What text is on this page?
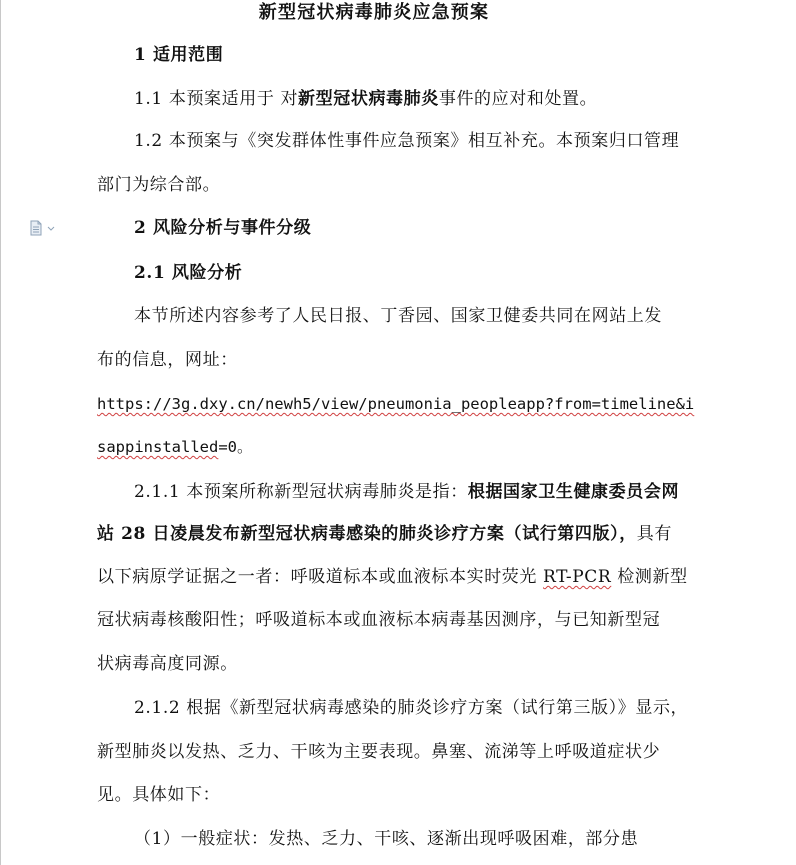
新型冠状病毒肺炎应急预案
1 适用范围
1.1 本预案适用于 对新型冠状病毒肺炎事件的应对和处置。
1.2 本预案与《突发群体性事件应急预案》相互补充。本预案归口管理
部门为综合部。
2 风险分析与事件分级
2.1 风险分析
本节所述内容参考了人民日报、丁香园、国家卫健委共同在网站上发
布的信息，网址：
https://3g.dxy.cn/newh5/view/pneumonia_peopleapp?from=timeline&i
sappinstalled=0。
2.1.1 本预案所称新型冠状病毒肺炎是指：根据国家卫生健康委员会网
站 28 日凌晨发布新型冠状病毒感染的肺炎诊疗方案（试行第四版），具有
以下病原学证据之一者：呼吸道标本或血液标本实时荧光 RT-PCR 检测新型
冠状病毒核酸阳性；呼吸道标本或血液标本病毒基因测序，与已知新型冠
状病毒高度同源。
2.1.2 根据《新型冠状病毒感染的肺炎诊疗方案（试行第三版）》显示，
新型肺炎以发热、乏力、干咳为主要表现。鼻塞、流涕等上呼吸道症状少
见。具体如下：
（1）一般症状：发热、乏力、干咳、逐渐出现呼吸困难，部分患
